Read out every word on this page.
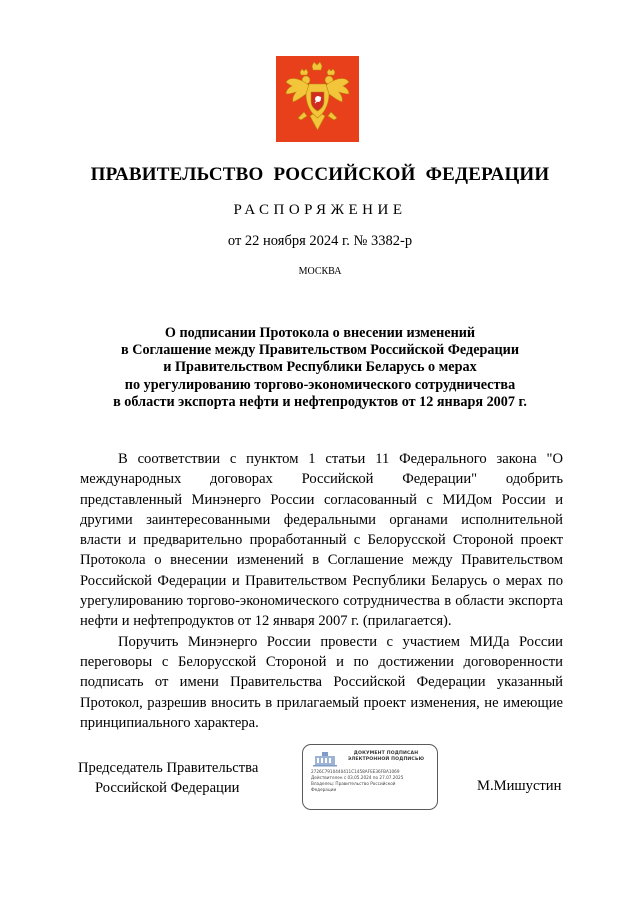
ПРАВИТЕЛЬСТВО РОССИЙСКОЙ ФЕДЕРАЦИИ
РАСПОРЯЖЕНИЕ
от 22 ноября 2024 г. № 3382-р
МОСКВА
О подписании Протокола о внесении изменений
в Соглашение между Правительством Российской Федерации
и Правительством Республики Беларусь о мерах
по урегулированию торгово-экономического сотрудничества
в области экспорта нефти и нефтепродуктов от 12 января 2007 г.

В соответствии с пунктом 1 статьи 11 Федерального закона "О международных договорах Российской Федерации" одобрить представленный Минэнерго России согласованный с МИДом России и другими заинтересованными федеральными органами исполнительной власти и предварительно проработанный с Белорусской Стороной проект Протокола о внесении изменений в Соглашение между Правительством Российской Федерации и Правительством Республики Беларусь о мерах по урегулированию торгово-экономического сотрудничества в области экспорта нефти и нефтепродуктов от 12 января 2007 г. (прилагается).

Поручить Минэнерго России провести с участием МИДа России переговоры с Белорусской Стороной и по достижении договоренности подписать от имени Правительства Российской Федерации указанный Протокол, разрешив вносить в прилагаемый проект изменения, не имеющие принципиального характера.

Председатель Правительства
Российской Федерации
ДОКУМЕНТ ПОДПИСАН
ЭЛЕКТРОННОЙ ПОДПИСЬЮ
2726C7910440411C1458AFEE36FBA1069
Действителен с 03.05.2024 по 27.07.2025
Владелец: Правительство Российской
Федерации	М.Мишустин
